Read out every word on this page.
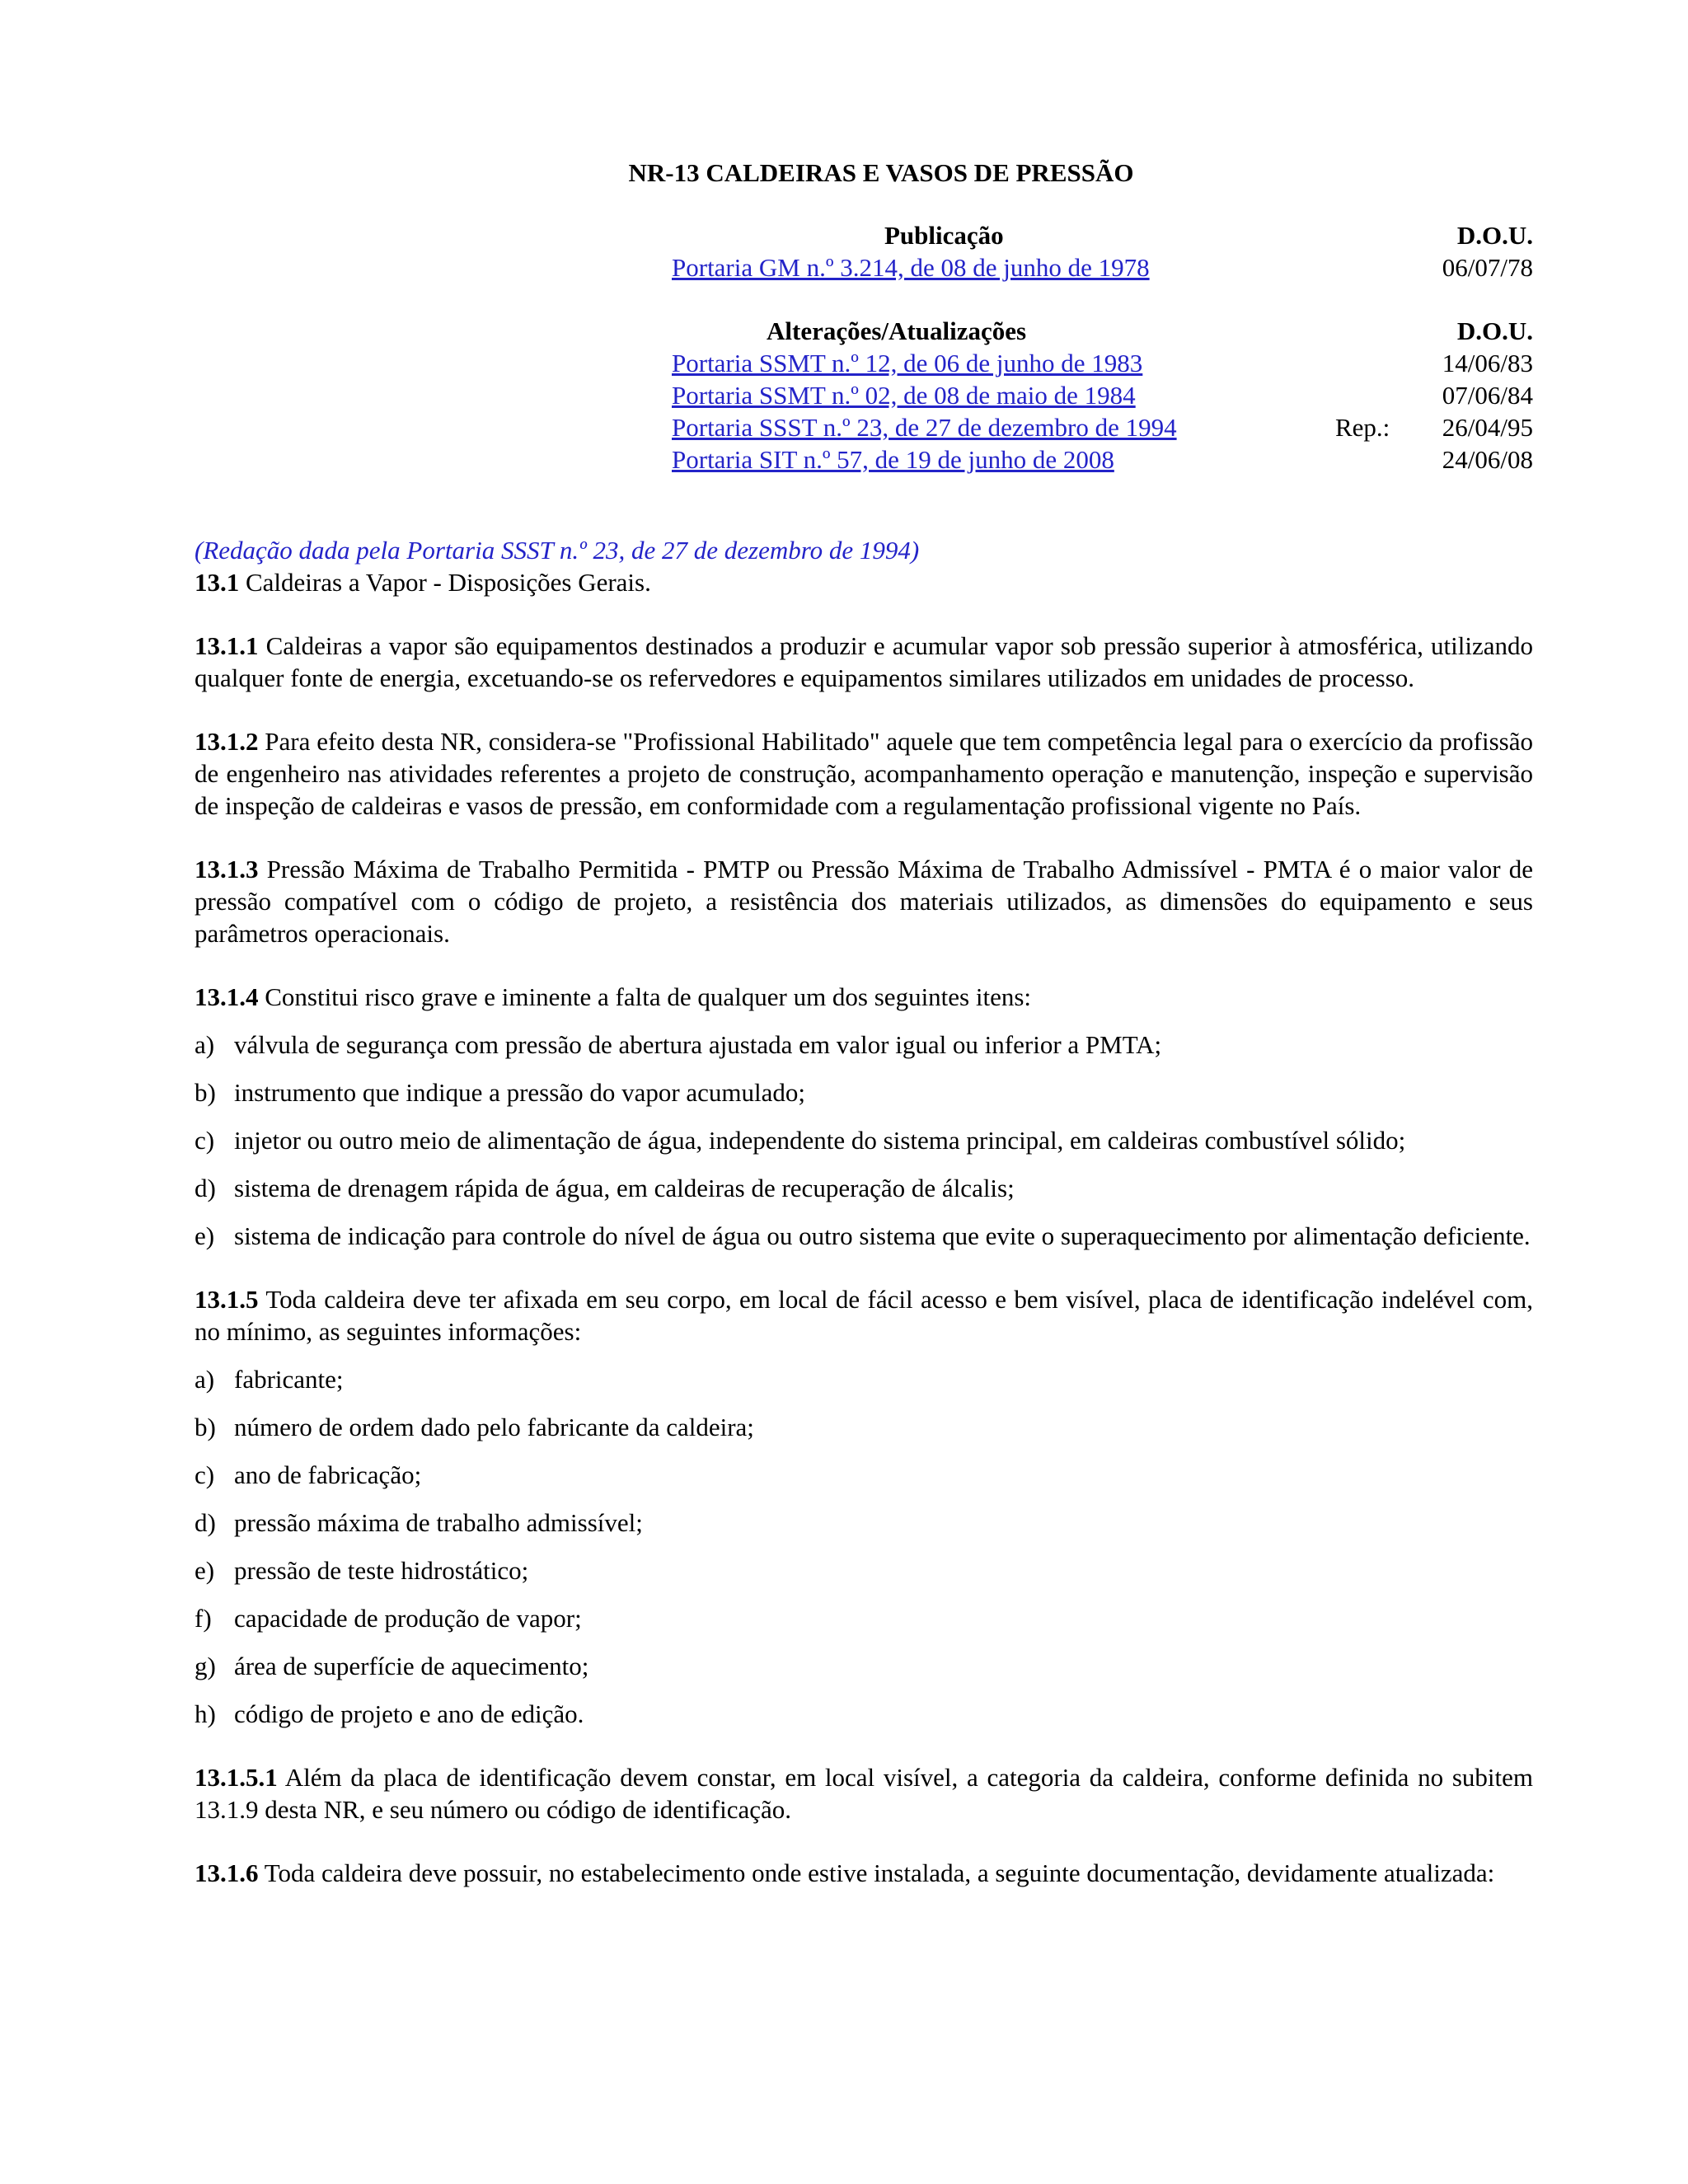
NR-13 CALDEIRAS E VASOS DE PRESSÃO
Publicação	D.O.U.
Portaria GM n.º 3.214, de 08 de junho de 1978	06/07/78
Alterações/Atualizações	D.O.U.
Portaria SSMT n.º 12, de 06 de junho de 1983	14/06/83
Portaria SSMT n.º 02, de 08 de maio de 1984	07/06/84
Portaria SSST n.º 23, de 27 de dezembro de 1994	Rep.: 26/04/95
Portaria SIT n.º 57, de 19 de junho de 2008	24/06/08

(Redação dada pela Portaria SSST n.º 23, de 27 de dezembro de 1994)

13.1 Caldeiras a Vapor - Disposições Gerais.

13.1.1 Caldeiras a vapor são equipamentos destinados a produzir e acumular vapor sob pressão superior à atmosférica, utilizando qualquer fonte de energia, excetuando-se os refervedores e equipamentos similares utilizados em unidades de processo.

13.1.2 Para efeito desta NR, considera-se "Profissional Habilitado" aquele que tem competência legal para o exercício da profissão de engenheiro nas atividades referentes a projeto de construção, acompanhamento operação e manutenção, inspeção e supervisão de inspeção de caldeiras e vasos de pressão, em conformidade com a regulamentação profissional vigente no País.

13.1.3 Pressão Máxima de Trabalho Permitida - PMTP ou Pressão Máxima de Trabalho Admissível - PMTA é o maior valor de pressão compatível com o código de projeto, a resistência dos materiais utilizados, as dimensões do equipamento e seus parâmetros operacionais.

13.1.4 Constitui risco grave e iminente a falta de qualquer um dos seguintes itens:

a) válvula de segurança com pressão de abertura ajustada em valor igual ou inferior a PMTA;
b) instrumento que indique a pressão do vapor acumulado;
c) injetor ou outro meio de alimentação de água, independente do sistema principal, em caldeiras combustível sólido;
d) sistema de drenagem rápida de água, em caldeiras de recuperação de álcalis;
e) sistema de indicação para controle do nível de água ou outro sistema que evite o superaquecimento por alimentação deficiente.

13.1.5 Toda caldeira deve ter afixada em seu corpo, em local de fácil acesso e bem visível, placa de identificação indelével com, no mínimo, as seguintes informações:

a) fabricante;
b) número de ordem dado pelo fabricante da caldeira;
c) ano de fabricação;
d) pressão máxima de trabalho admissível;
e) pressão de teste hidrostático;
f) capacidade de produção de vapor;
g) área de superfície de aquecimento;
h) código de projeto e ano de edição.

13.1.5.1 Além da placa de identificação devem constar, em local visível, a categoria da caldeira, conforme definida no subitem 13.1.9 desta NR, e seu número ou código de identificação.

13.1.6 Toda caldeira deve possuir, no estabelecimento onde estive instalada, a seguinte documentação, devidamente atualizada:
